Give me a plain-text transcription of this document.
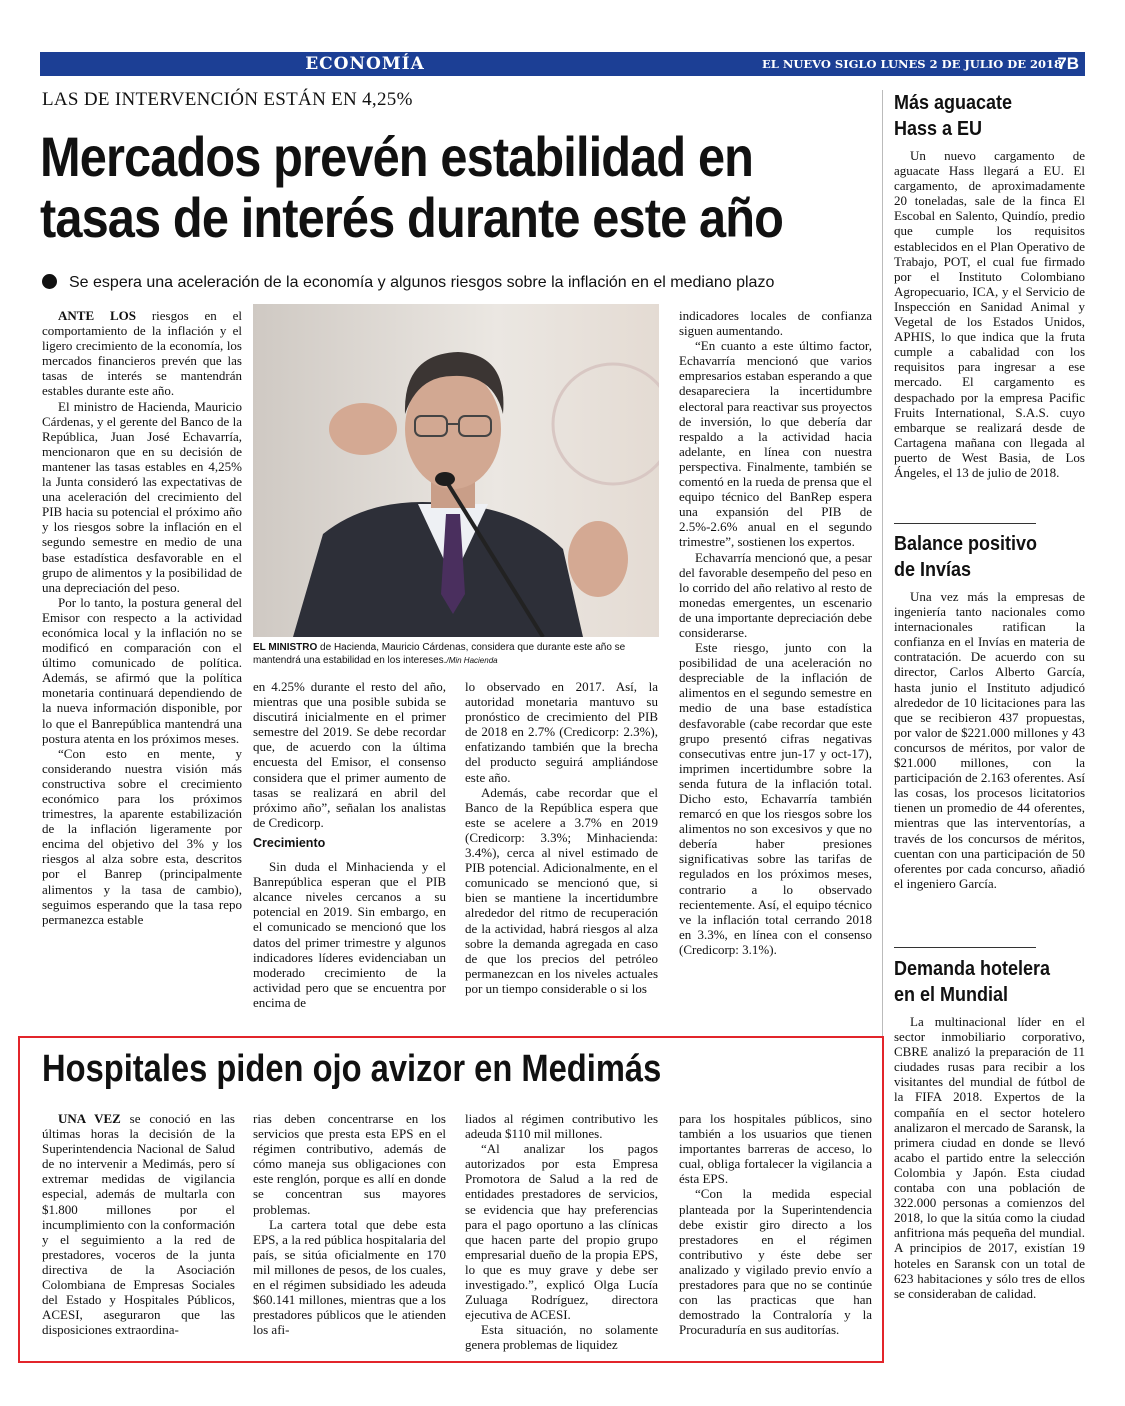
ECONOMÍA	EL NUEVO SIGLO LUNES 2 DE JULIO DE 2018
7B
LAS DE INTERVENCIÓN ESTÁN EN 4,25%
Mercados prevén estabilidad en
tasas de interés durante este año
Se espera una aceleración de la economía y algunos riesgos sobre la inflación en el mediano plazo

ANTE LOS riesgos en el comportamiento de la inflación y el ligero crecimiento de la economía, los mercados financieros prevén que las tasas de interés se mantendrán estables durante este año.

El ministro de Hacienda, Mauricio Cárdenas, y el gerente del Banco de la República, Juan José Echavarría, mencionaron que en su decisión de mantener las tasas estables en 4,25% la Junta consideró las expectativas de una aceleración del crecimiento del PIB hacia su potencial el próximo año y los riesgos sobre la inflación en el segundo semestre en medio de una base estadística desfavorable en el grupo de alimentos y la posibilidad de una depreciación del peso.

Por lo tanto, la postura general del Emisor con respecto a la actividad económica local y la inflación no se modificó en comparación con el último comunicado de política. Además, se afirmó que la política monetaria continuará dependiendo de la nueva información disponible, por lo que el Banrepública mantendrá una postura atenta en los próximos meses.

“Con esto en mente, y considerando nuestra visión más constructiva sobre el crecimiento económico para los próximos trimestres, la aparente estabilización de la inflación ligeramente por encima del objetivo del 3% y los riesgos al alza sobre esta, descritos por el Banrep (principalmente alimentos y la tasa de cambio), seguimos esperando que la tasa repo permanezca estable

EL MINISTRO de Hacienda, Mauricio Cárdenas, considera que durante este año se mantendrá una estabilidad en los intereses./Min Hacienda

en 4.25% durante el resto del año, mientras que una posible subida se discutirá inicialmente en el primer semestre del 2019. Se debe recordar que, de acuerdo con la última encuesta del Emisor, el consenso considera que el primer aumento de tasas se realizará en abril del próximo año”, señalan los analistas de Credicorp.

Crecimiento

Sin duda el Minhacienda y el Banrepública esperan que el PIB alcance niveles cercanos a su potencial en 2019. Sin embargo, en el comunicado se mencionó que los datos del primer trimestre y algunos indicadores líderes evidenciaban un moderado crecimiento de la actividad pero que se encuentra por encima de

lo observado en 2017. Así, la autoridad monetaria mantuvo su pronóstico de crecimiento del PIB de 2018 en 2.7% (Credicorp: 2.3%), enfatizando también que la brecha del producto seguirá ampliándose este año.

Además, cabe recordar que el Banco de la República espera que este se acelere a 3.7% en 2019 (Credicorp: 3.3%; Minhacienda: 3.4%), cerca al nivel estimado de PIB potencial. Adicionalmente, en el comunicado se mencionó que, si bien se mantiene la incertidumbre alrededor del ritmo de recuperación de la actividad, habrá riesgos al alza sobre la demanda agregada en caso de que los precios del petróleo permanezcan en los niveles actuales por un tiempo considerable o si los

indicadores locales de confianza siguen aumentando.

“En cuanto a este último factor, Echavarría mencionó que varios empresarios estaban esperando a que desapareciera la incertidumbre electoral para reactivar sus proyectos de inversión, lo que debería dar respaldo a la actividad hacia adelante, en línea con nuestra perspectiva. Finalmente, también se comentó en la rueda de prensa que el equipo técnico del BanRep espera una expansión del PIB de 2.5%-2.6% anual en el segundo trimestre”, sostienen los expertos.

Echavarría mencionó que, a pesar del favorable desempeño del peso en lo corrido del año relativo al resto de monedas emergentes, un escenario de una importante depreciación debe considerarse.

Este riesgo, junto con la posibilidad de una aceleración no despreciable de la inflación de alimentos en el segundo semestre en medio de una base estadística desfavorable (cabe recordar que este grupo presentó cifras negativas consecutivas entre jun-17 y oct-17), imprimen incertidumbre sobre la senda futura de la inflación total. Dicho esto, Echavarría también remarcó en que los riesgos sobre los alimentos no son excesivos y que no debería haber presiones significativas sobre las tarifas de regulados en los próximos meses, contrario a lo observado recientemente. Así, el equipo técnico ve la inflación total cerrando 2018 en 3.3%, en línea con el consenso (Credicorp: 3.1%).

Hospitales piden ojo avizor en Medimás

UNA VEZ se conoció en las últimas horas la decisión de la Superintendencia Nacional de Salud de no intervenir a Medimás, pero sí extremar medidas de vigilancia especial, además de multarla con $1.800 millones por el incumplimiento con la conformación y el seguimiento a la red de prestadores, voceros de la junta directiva de la Asociación Colombiana de Empresas Sociales del Estado y Hospitales Públicos, ACESI, aseguraron que las disposiciones extraordina-

rias deben concentrarse en los servicios que presta esta EPS en el régimen contributivo, además de cómo maneja sus obligaciones con este renglón, porque es allí en donde se concentran sus mayores problemas.

La cartera total que debe esta EPS, a la red pública hospitalaria del país, se sitúa oficialmente en 170 mil millones de pesos, de los cuales, en el régimen subsidiado les adeuda $60.141 millones, mientras que a los prestadores públicos que le atienden los afi-

liados al régimen contributivo les adeuda $110 mil millones.

“Al analizar los pagos autorizados por esta Empresa Promotora de Salud a la red de entidades prestadores de servicios, se evidencia que hay preferencias para el pago oportuno a las clínicas que hacen parte del propio grupo empresarial dueño de la propia EPS, lo que es muy grave y debe ser investigado.”, explicó Olga Lucía Zuluaga Rodríguez, directora ejecutiva de ACESI.

Esta situación, no solamente genera problemas de liquidez

para los hospitales públicos, sino también a los usuarios que tienen importantes barreras de acceso, lo cual, obliga fortalecer la vigilancia a ésta EPS.

“Con la medida especial planteada por la Superintendencia debe existir giro directo a los prestadores en el régimen contributivo y éste debe ser analizado y vigilado previo envío a prestadores para que no se continúe con las practicas que han demostrado la Contraloría y la Procuraduría en sus auditorías.

Más aguacate
Hass a EU

Un nuevo cargamento de aguacate Hass llegará a EU. El cargamento, de aproximadamente 20 toneladas, sale de la finca El Escobal en Salento, Quindío, predio que cumple los requisitos establecidos en el Plan Operativo de Trabajo, POT, el cual fue firmado por el Instituto Colombiano Agropecuario, ICA, y el Servicio de Inspección en Sanidad Animal y Vegetal de los Estados Unidos, APHIS, lo que indica que la fruta cumple a cabalidad con los requisitos para ingresar a ese mercado. El cargamento es despachado por la empresa Pacific Fruits International, S.A.S. cuyo embarque se realizará desde de Cartagena mañana con llegada al puerto de West Basia, de Los Ángeles, el 13 de julio de 2018.

Balance positivo
de Invías

Una vez más la empresas de ingeniería tanto nacionales como internacionales ratifican la confianza en el Invías en materia de contratación. De acuerdo con su director, Carlos Alberto García, hasta junio el Instituto adjudicó alrededor de 10 licitaciones para las que se recibieron 437 propuestas, por valor de $221.000 millones y 43 concursos de méritos, por valor de $21.000 millones, con la participación de 2.163 oferentes. Así las cosas, los procesos licitatorios tienen un promedio de 44 oferentes, mientras que las interventorías, a través de los concursos de méritos, cuentan con una participación de 50 oferentes por cada concurso, añadió el ingeniero García.

Demanda hotelera
en el Mundial

La multinacional líder en el sector inmobiliario corporativo, CBRE analizó la preparación de 11 ciudades rusas para recibir a los visitantes del mundial de fútbol de la FIFA 2018. Expertos de la compañía en el sector hotelero analizaron el mercado de Saransk, la primera ciudad en donde se llevó acabo el partido entre la selección Colombia y Japón. Esta ciudad contaba con una población de 322.000 personas a comienzos del 2018, lo que la sitúa como la ciudad anfitriona más pequeña del mundial. A principios de 2017, existían 19 hoteles en Saransk con un total de 623 habitaciones y sólo tres de ellos se consideraban de calidad.
